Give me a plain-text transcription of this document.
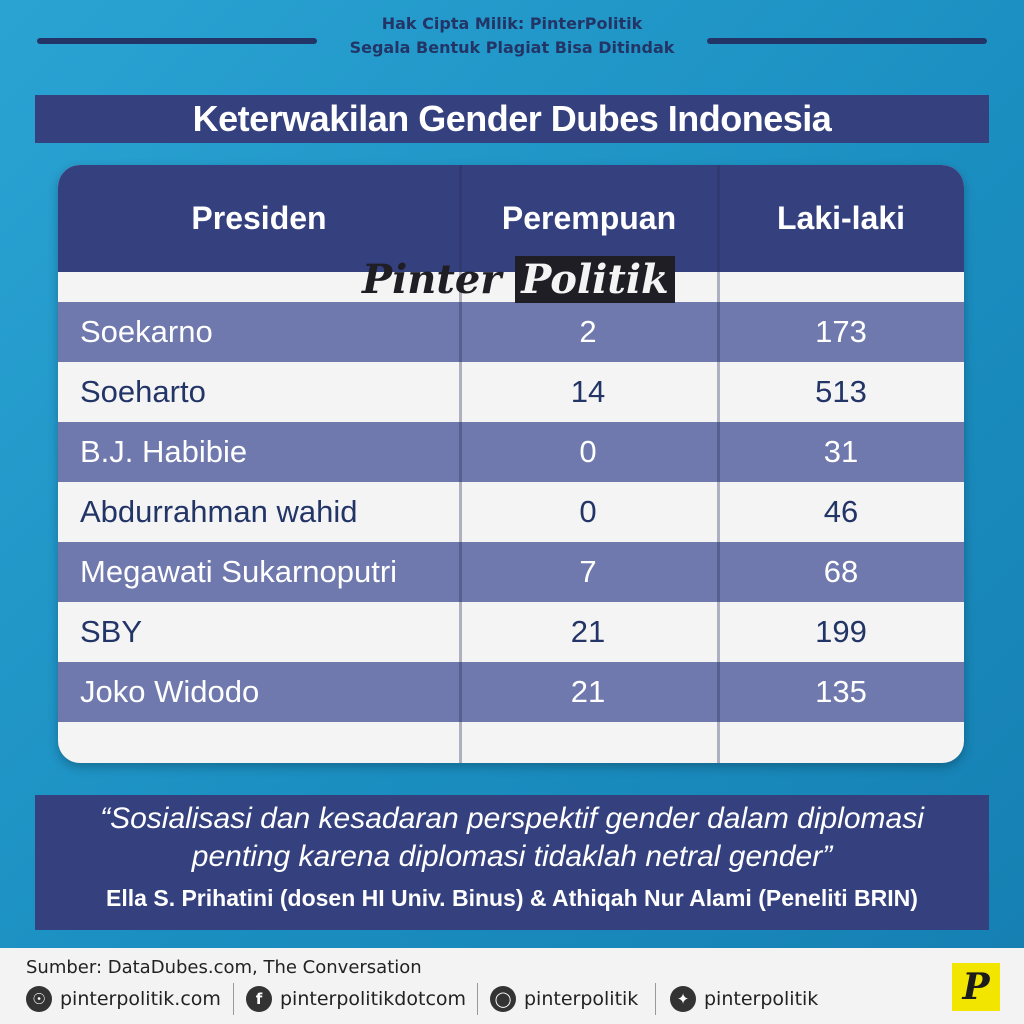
Hak Cipta Milik: PinterPolitik
Segala Bentuk Plagiat Bisa Ditindak
Keterwakilan Gender Dubes Indonesia
Presiden	Perempuan	Laki-laki
Soekarno	2	173
Soeharto	14	513
B.J. Habibie	0	31
Abdurrahman wahid	0	46
Megawati Sukarnoputri	7	68
SBY	21	199
Joko Widodo	21	135
Pinter Politik
“Sosialisasi dan kesadaran perspektif gender dalam diplomasi
penting karena diplomasi tidaklah netral gender”
Ella S. Prihatini (dosen HI Univ. Binus) & Athiqah Nur Alami (Peneliti BRIN)
Sumber: DataDubes.com, The Conversation
☉ pinterpolitik.com	f pinterpolitikdotcom	◯ pinterpolitik	✦ pinterpolitik	P
